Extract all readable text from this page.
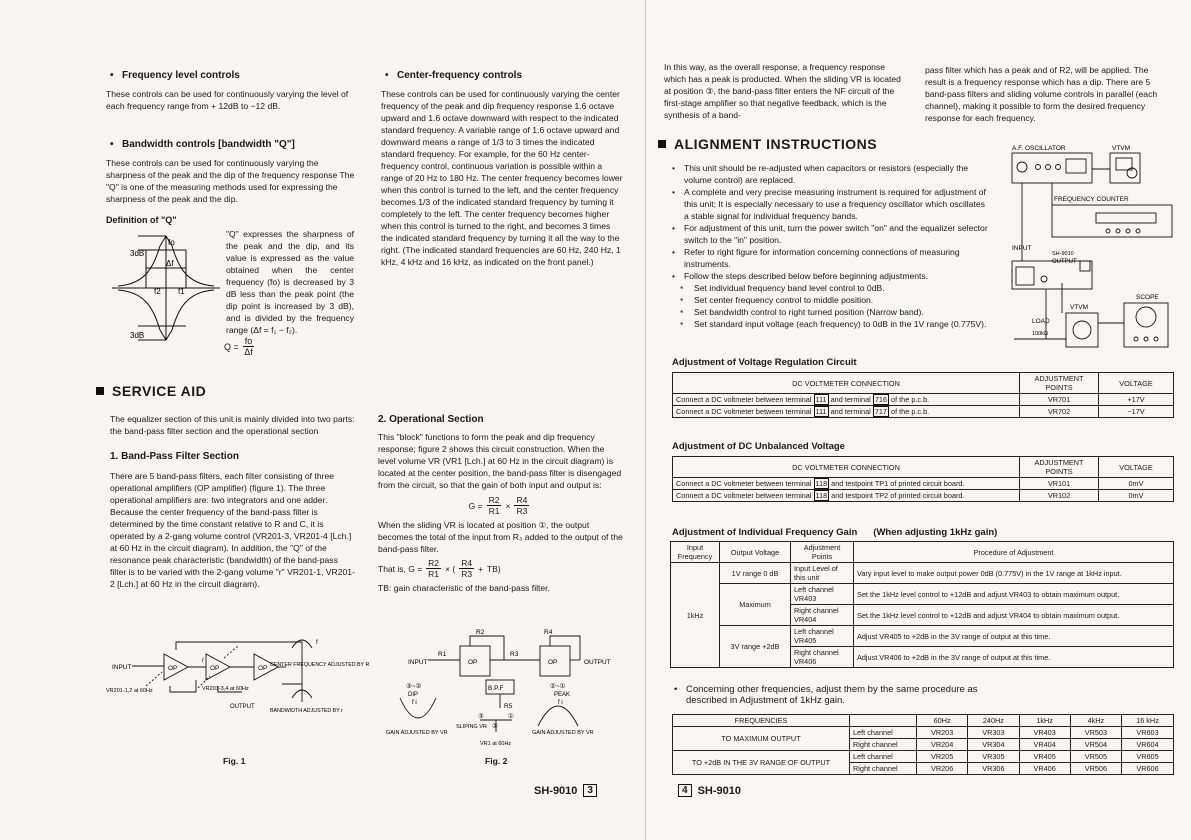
• Frequency level controls

These controls can be used for continuously varying the level of each frequency range from + 12dB to −12 dB.

• Bandwidth controls [bandwidth "Q"]

These controls can be used for continuously varying the sharpness of the peak and the dip of the frequency response The "Q" is one of the measuring methods used for expressing the sharpness of the peak and the dip.

Definition of "Q"

fo
3dB
Δf
f2 f1
3dB

"Q" expresses the sharpness of the peak and the dip, and its value is expressed as the value obtained when the center frequency (fo) is decreased by 3 dB less than the peak point (the dip point is increased by 3 dB), and is divided by the frequency range (Δf = f₁ − f₂).

$Q = \frac{fo}{\Delta f}$

• Center-frequency controls

These controls can be used for continuously varying the center frequency of the peak and dip frequency response 1.6 octave upward and 1.6 octave downward with respect to the indicated standard frequency. A variable range of 1.6 octave upward and downward means a range of 1/3 to 3 times the indicated standard frequency. For example, for the 60 Hz center-frequency control, continuous variation is possible within a range of 20 Hz to 180 Hz. The center frequency becomes lower when this control is turned to the left, and the center frequency becomes 1/3 of the indicated standard frequency by turning it completely to the left. The center frequency becomes higher when this control is turned to the right, and becomes 3 times the indicated standard frequency by turning it all the way to the right. (The indicated standard frequencies are 60 Hz, 240 Hz, 1 kHz, 4 kHz and 16 kHz, as indicated on the front panel.)

SERVICE AID

The equalizer section of this unit is mainly divided into two parts: the band-pass filter section and the operational section

1. Band-Pass Filter Section

There are 5 band-pass filters, each filter consisting of three operational amplifiers (OP amplifier) (figure 1). The three operational amplifiers are: two integrators and one adder. Because the center frequency of the band-pass filter is determined by the time constant relative to R and C, it is operated by a 2-gang volume control (VR201-3, VR201-4 [Lch.] at 60 Hz in the circuit diagram). In addition, the "Q" of the resonance peak characteristic (bandwidth) of the band-pass filter is to be varied with the 2-gang volume "r" VR201-1, VR201-2 [Lch.] at 60 Hz in the circuit diagram).

2. Operational Section

This "block" functions to form the peak and dip frequency response; figure 2 shows this circuit construction. When the level volume VR (VR1 [Lch.] at 60 Hz in the circuit diagram) is located at the center position, the band-pass filter is disengaged from the circuit, so that the gain of both input and output is:

$G = \frac{R2}{R1} \times \frac{R4}{R3}$

When the sliding VR is located at position ①, the output becomes the total of the input from R₃ added to the output of the band-pass filter.

That is, $G = \frac{R2}{R1}$ × (
R4
R3
+ TB)

TB: gain characteristic of the band-pass filter.

INPUT	OP	OP	OP
r
VR201-1,2 at 60Hz	VR201-3,4 at 60Hz
f
CENTER FREQUENCY ADJUSTED BY R
BANDWIDTH ADJUSTED BY r
OUTPUT

Fig. 1

INPUT
R1
R2
R3
R4
R5
OP	OP
B.P.F
OUTPUT
③~②
DIP
f i
②~①
PEAK
f i
③
②
①
SLIPING VR
VR1 at 60Hz
GAIN ADJUSTED BY VR	GAIN ADJUSTED BY VR

Fig. 2

SH-9010	3

In this way, as the overall response, a frequency response which has a peak is producted. When the sliding VR is located at position ③, the band-pass filter enters the NF circuit of the first-stage amplifier so that negative feedback, which is the synthesis of a band-

pass filter which has a peak and of R2, will be applied. The result is a frequency response which has a dip. There are 5 band-pass filters and sliding volume controls in parallel (each channel), making it possible to form the desired frequency response for each frequency.

ALIGNMENT INSTRUCTIONS

• This unit should be re-adjusted when capacitors or resistors (especially the volume control) are replaced.

• A complete and very precise measuring instrument is required for adjustment of this unit; It is especially necessary to use a frequency oscillator which oscillates a stable signal for individual frequency bands.

• For adjustment of this unit, turn the power switch "on" and the equalizer selector switch to the "in" position.

• Refer to right figure for information concerning connections of measuring instruments.

• Follow the steps described below before beginning adjustments.

* Set individual frequency band level control to 0dB.

* Set center frequency control to middle position.

* Set bandwidth control to right turned position (Narrow band).

* Set standard input voltage (each frequency) to 0dB in the 1V range (0.775V).

A.F. OSCILLATOR	VTVM
FREQUENCY COUNTER
INPUT
SH-9010
OUTPUT
SCOPE
VTVM
LOAD
100kΩ

Adjustment of Voltage Regulation Circuit

DC VOLTMETER CONNECTION	ADJUSTMENT POINTS	VOLTAGE
Connect a DC voltmeter between terminal 111 and terminal 716 of the p.c.b.	VR701	+17V
Connect a DC voltmeter between terminal 111 and terminal 717 of the p.c.b.	VR702	−17V

Adjustment of DC Unbalanced Voltage

DC VOLTMETER CONNECTION	ADJUSTMENT POINTS	VOLTAGE
Connect a DC voltmeter between terminal 118 and testpoint TP1 of printed circuit board.	VR101	0mV
Connect a DC voltmeter between terminal 118 and testpoint TP2 of printed circuit board.	VR102	0mV

Adjustment of Individual Frequency Gain (When adjusting 1kHz gain)

Input Frequency	Output Voltage	Adjustment Points	Procedure of Adjustment
1kHz	1V range 0 dB	Input Level of this unit	Vary input level to make output power 0dB (0.775V) in the 1V range at 1kHz input.
	Maximum	Left channel VR403	Set the 1kHz level control to +12dB and adjust VR403 to obtain maximum output.
		Right channel VR404	Set the 1kHz level control to +12dB and adjust VR404 to obtain maximum output.
	3V range +2dB	Left channel VR405	Adjust VR405 to +2dB in the 3V range of output at this time.
		Right channel VR406	Adjust VR406 to +2dB in the 3V range of output at this time.

• Concerning other frequencies, adjust them by the same procedure as described in Adjustment of 1kHz gain.

FREQUENCIES		60Hz	240Hz	1kHz	4kHz	16 kHz
TO MAXIMUM OUTPUT	Left channel	VR203	VR303	VR403	VR503	VR603
	Right channel	VR204	VR304	VR404	VR504	VR604
TO +2dB IN THE 3V RANGE OF OUTPUT	Left channel	VR205	VR305	VR405	VR505	VR605
	Right channel	VR206	VR306	VR406	VR506	VR606
4 SH-9010
